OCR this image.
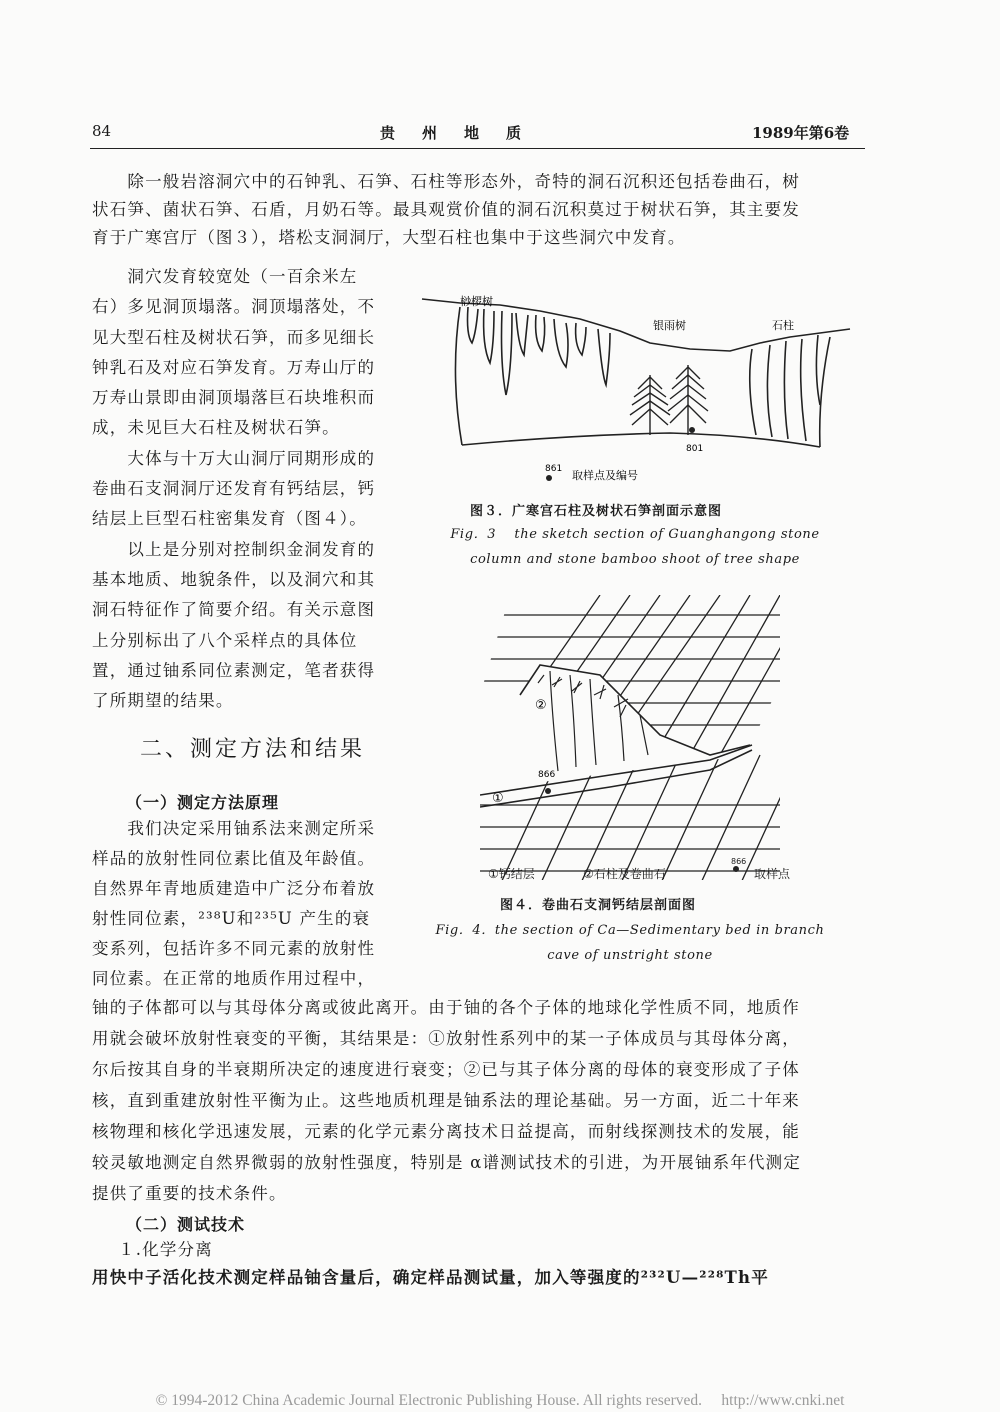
84	贵　州　地　质	1989年第6卷

　　除一般岩溶洞穴中的石钟乳、石笋、石柱等形态外，奇特的洞石沉积还包括卷曲石，树

状石笋、菌状石笋、石盾，月奶石等。最具观赏价值的洞石沉积莫过于树状石笋，其主要发

育于广寒宫厅（图３），塔松支洞洞厅，大型石柱也集中于这些洞穴中发育。

　　洞穴发育较宽处（一百余米左

右）多见洞顶塌落。洞顶塌落处，不

见大型石柱及树状石笋，而多见细长

钟乳石及对应石笋发育。万寿山厅的

万寿山景即由洞顶塌落巨石块堆积而

成，未见巨大石柱及树状石笋。

　　大体与十万大山洞厅同期形成的

卷曲石支洞洞厅还发育有钙结层，钙

结层上巨型石柱密集发育（图４）。

　　以上是分别对控制织金洞发育的

基本地质、地貌条件，以及洞穴和其

洞石特征作了简要介绍。有关示意图

上分别标出了八个采样点的具体位

置，通过铀系同位素测定，笔者获得

了所期望的结果。

二、测定方法和结果
（一）测定方法原理

　　我们决定采用铀系法来测定所采

样品的放射性同位素比值及年龄值。

自然界年青地质建造中广泛分布着放

射性同位素，²³⁸U和²³⁵U 产生的衰

变系列，包括许多不同元素的放射性

同位素。在正常的地质作用过程中，

铀的子体都可以与其母体分离或彼此离开。由于铀的各个子体的地球化学性质不同，地质作

用就会破坏放射性衰变的平衡，其结果是：①放射性系列中的某一子体成员与其母体分离，

尔后按其自身的半衰期所决定的速度进行衰变；②已与其子体分离的母体的衰变形成了子体

核，直到重建放射性平衡为止。这些地质机理是铀系法的理论基础。另一方面，近二十年来

核物理和核化学迅速发展，元素的化学元素分离技术日益提高，而射线探测技术的发展，能

较灵敏地测定自然界微弱的放射性强度，特别是 α谱测试技术的引进，为开展铀系年代测定

提供了重要的技术条件。

（二）测试技术
１.化学分离
用快中子活化技术测定样品铀含量后，确定样品测试量，加入等强度的²³²U—²²⁸Th平
桫椤树
银雨树	石柱
801
861 取样点及编号
图３．广寒宫石柱及树状石笋剖面示意图
Fig．3　 the sketch section of Guanghangong stone
column and stone bamboo shoot of tree shape
866
①
②
①钙结层	②石柱及卷曲石
866
取样点
图４．卷曲石支洞钙结层剖面图
Fig．4．the section of Ca—Sedimentary bed in branch
cave of unstright stone
© 1994-2012 China Academic Journal Electronic Publishing House. All rights reserved.　 http://www.cnki.net
